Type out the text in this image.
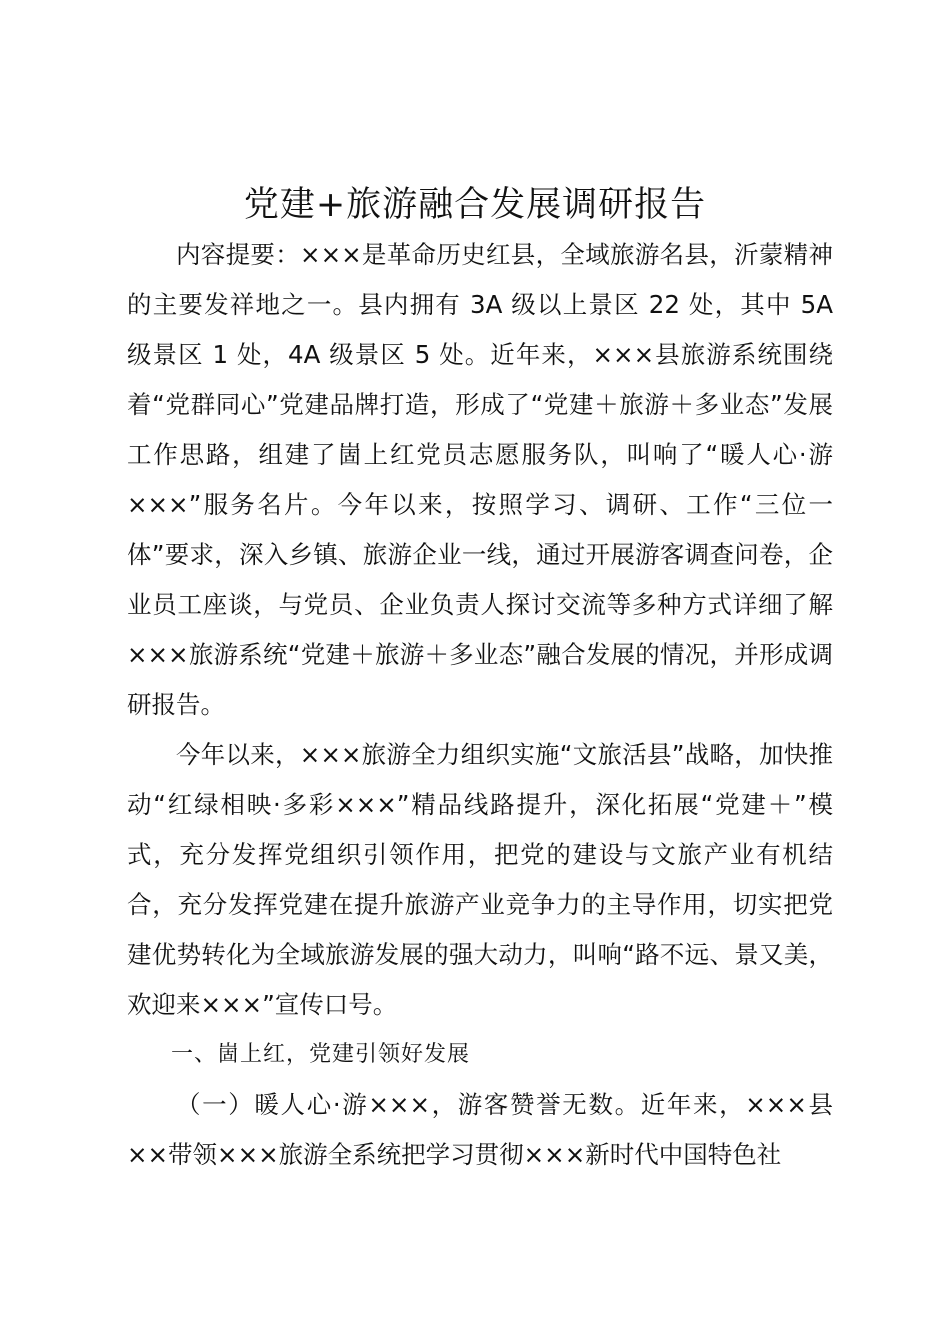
党建+旅游融合发展调研报告

内容提要：×××是革命历史红县，全域旅游名县，沂蒙精神的主要发祥地之一。县内拥有 3A 级以上景区 22 处，其中 5A 级景区 1 处，4A 级景区 5 处。近年来，×××县旅游系统围绕着“党群同心”党建品牌打造，形成了“党建＋旅游＋多业态”发展工作思路，组建了崮上红党员志愿服务队，叫响了“暖人心·游×××”服务名片。今年以来，按照学习、调研、工作“三位一体”要求，深入乡镇、旅游企业一线，通过开展游客调查问卷，企业员工座谈，与党员、企业负责人探讨交流等多种方式详细了解×××旅游系统“党建＋旅游＋多业态”融合发展的情况，并形成调研报告。

今年以来，×××旅游全力组织实施“文旅活县”战略，加快推动“红绿相映·多彩×××”精品线路提升，深化拓展“党建＋”模式，充分发挥党组织引领作用，把党的建设与文旅产业有机结合，充分发挥党建在提升旅游产业竞争力的主导作用，切实把党建优势转化为全域旅游发展的强大动力，叫响“路不远、景又美，欢迎来×××”宣传口号。

一、崮上红，党建引领好发展

（一）暖人心·游×××，游客赞誉无数。近年来，×××县××带领×××旅游全系统把学习贯彻×××新时代中国特色社
